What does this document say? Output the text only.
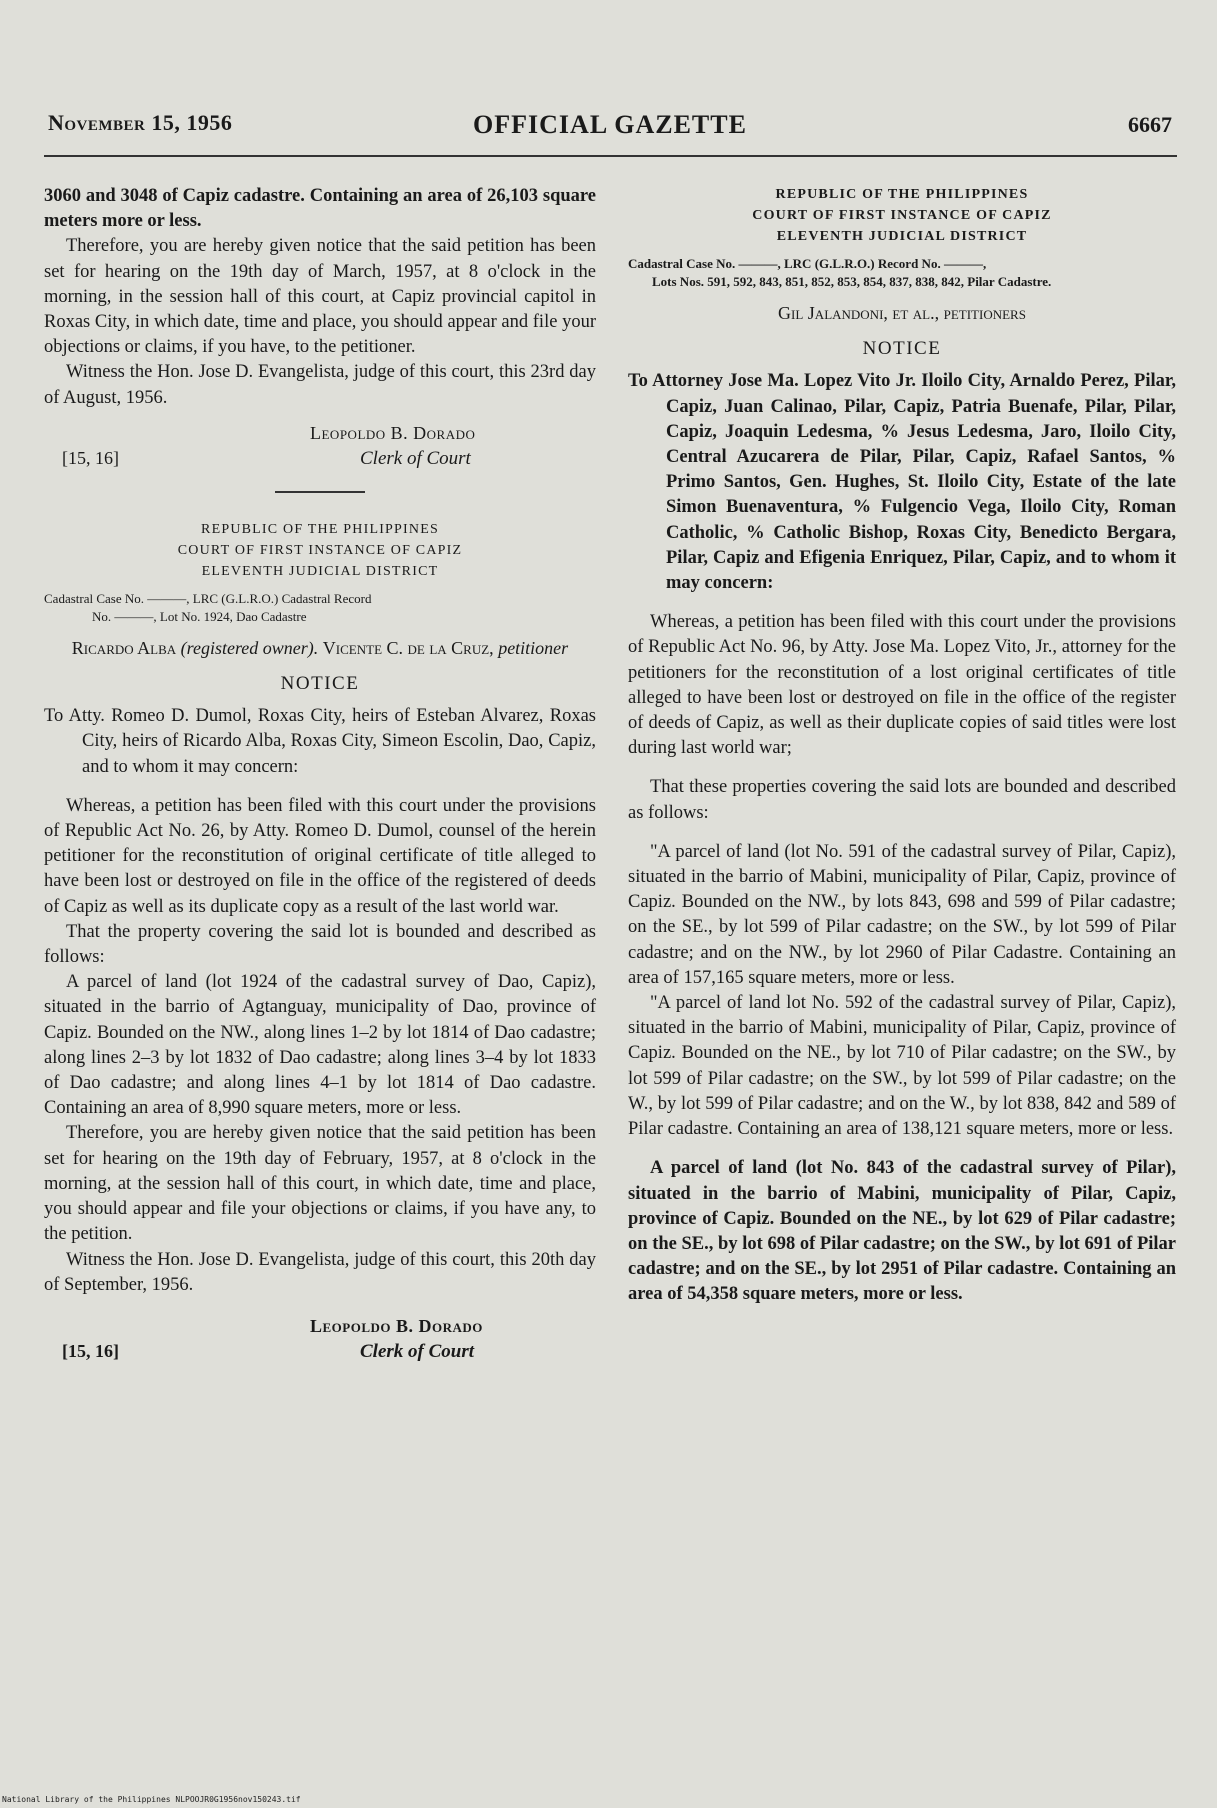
November 15, 1956	OFFICIAL GAZETTE	6667

3060 and 3048 of Capiz cadastre. Containing an area of 26,103 square meters more or less.

Therefore, you are hereby given notice that the said petition has been set for hearing on the 19th day of March, 1957, at 8 o'clock in the morning, in the session hall of this court, at Capiz provincial capitol in Roxas City, in which date, time and place, you should appear and file your objections or claims, if you have, to the petitioner.

Witness the Hon. Jose D. Evangelista, judge of this court, this 23rd day of August, 1956.

Leopoldo B. Dorado
Clerk of Court
[15, 16]

REPUBLIC OF THE PHILIPPINES

COURT OF FIRST INSTANCE OF CAPIZ

ELEVENTH JUDICIAL DISTRICT

Cadastral Case No. ———, LRC (G.L.R.O.) Cadastral Record
No. ———, Lot No. 1924, Dao Cadastre

Ricardo Alba (registered owner). Vicente C. de la Cruz, petitioner

NOTICE

To Atty. Romeo D. Dumol, Roxas City, heirs of Esteban Alvarez, Roxas City, heirs of Ricardo Alba, Roxas City, Simeon Escolin, Dao, Capiz, and to whom it may concern:

Whereas, a petition has been filed with this court under the provisions of Republic Act No. 26, by Atty. Romeo D. Dumol, counsel of the herein petitioner for the reconstitution of original certificate of title alleged to have been lost or destroyed on file in the office of the registered of deeds of Capiz as well as its duplicate copy as a result of the last world war.

That the property covering the said lot is bounded and described as follows:

A parcel of land (lot 1924 of the cadastral survey of Dao, Capiz), situated in the barrio of Agtanguay, municipality of Dao, province of Capiz. Bounded on the NW., along lines 1–2 by lot 1814 of Dao cadastre; along lines 2–3 by lot 1832 of Dao cadastre; along lines 3–4 by lot 1833 of Dao cadastre; and along lines 4–1 by lot 1814 of Dao cadastre. Containing an area of 8,990 square meters, more or less.

Therefore, you are hereby given notice that the said petition has been set for hearing on the 19th day of February, 1957, at 8 o'clock in the morning, at the session hall of this court, in which date, time and place, you should appear and file your objections or claims, if you have any, to the petition.

Witness the Hon. Jose D. Evangelista, judge of this court, this 20th day of September, 1956.

Leopoldo B. Dorado
Clerk of Court
[15, 16]

REPUBLIC OF THE PHILIPPINES

COURT OF FIRST INSTANCE OF CAPIZ

ELEVENTH JUDICIAL DISTRICT

Cadastral Case No. ———, LRC (G.L.R.O.) Record No. ———,
Lots Nos. 591, 592, 843, 851, 852, 853, 854, 837, 838, 842, Pilar Cadastre.

Gil Jalandoni, et al., petitioners

NOTICE

To Attorney Jose Ma. Lopez Vito Jr. Iloilo City, Arnaldo Perez, Pilar, Capiz, Juan Calinao, Pilar, Capiz, Patria Buenafe, Pilar, Pilar, Capiz, Joaquin Ledesma, % Jesus Ledesma, Jaro, Iloilo City, Central Azucarera de Pilar, Pilar, Capiz, Rafael Santos, % Primo Santos, Gen. Hughes, St. Iloilo City, Estate of the late Simon Buenaventura, % Fulgencio Vega, Iloilo City, Roman Catholic, % Catholic Bishop, Roxas City, Benedicto Bergara, Pilar, Capiz and Efigenia Enriquez, Pilar, Capiz, and to whom it may concern:

Whereas, a petition has been filed with this court under the provisions of Republic Act No. 96, by Atty. Jose Ma. Lopez Vito, Jr., attorney for the petitioners for the reconstitution of a lost original certificates of title alleged to have been lost or destroyed on file in the office of the register of deeds of Capiz, as well as their duplicate copies of said titles were lost during last world war;

That these properties covering the said lots are bounded and described as follows:

"A parcel of land (lot No. 591 of the cadastral survey of Pilar, Capiz), situated in the barrio of Mabini, municipality of Pilar, Capiz, province of Capiz. Bounded on the NW., by lots 843, 698 and 599 of Pilar cadastre; on the SE., by lot 599 of Pilar cadastre; on the SW., by lot 599 of Pilar cadastre; and on the NW., by lot 2960 of Pilar Cadastre. Containing an area of 157,165 square meters, more or less.

"A parcel of land lot No. 592 of the cadastral survey of Pilar, Capiz), situated in the barrio of Mabini, municipality of Pilar, Capiz, province of Capiz. Bounded on the NE., by lot 710 of Pilar cadastre; on the SW., by lot 599 of Pilar cadastre; on the SW., by lot 599 of Pilar cadastre; on the W., by lot 599 of Pilar cadastre; and on the W., by lot 838, 842 and 589 of Pilar cadastre. Containing an area of 138,121 square meters, more or less.

A parcel of land (lot No. 843 of the cadastral survey of Pilar), situated in the barrio of Mabini, municipality of Pilar, Capiz, province of Capiz. Bounded on the NE., by lot 629 of Pilar cadastre; on the SE., by lot 698 of Pilar cadastre; on the SW., by lot 691 of Pilar cadastre; and on the SE., by lot 2951 of Pilar cadastre. Containing an area of 54,358 square meters, more or less.

National Library of the Philippines NLPOOJR0G1956nov150243.tif
